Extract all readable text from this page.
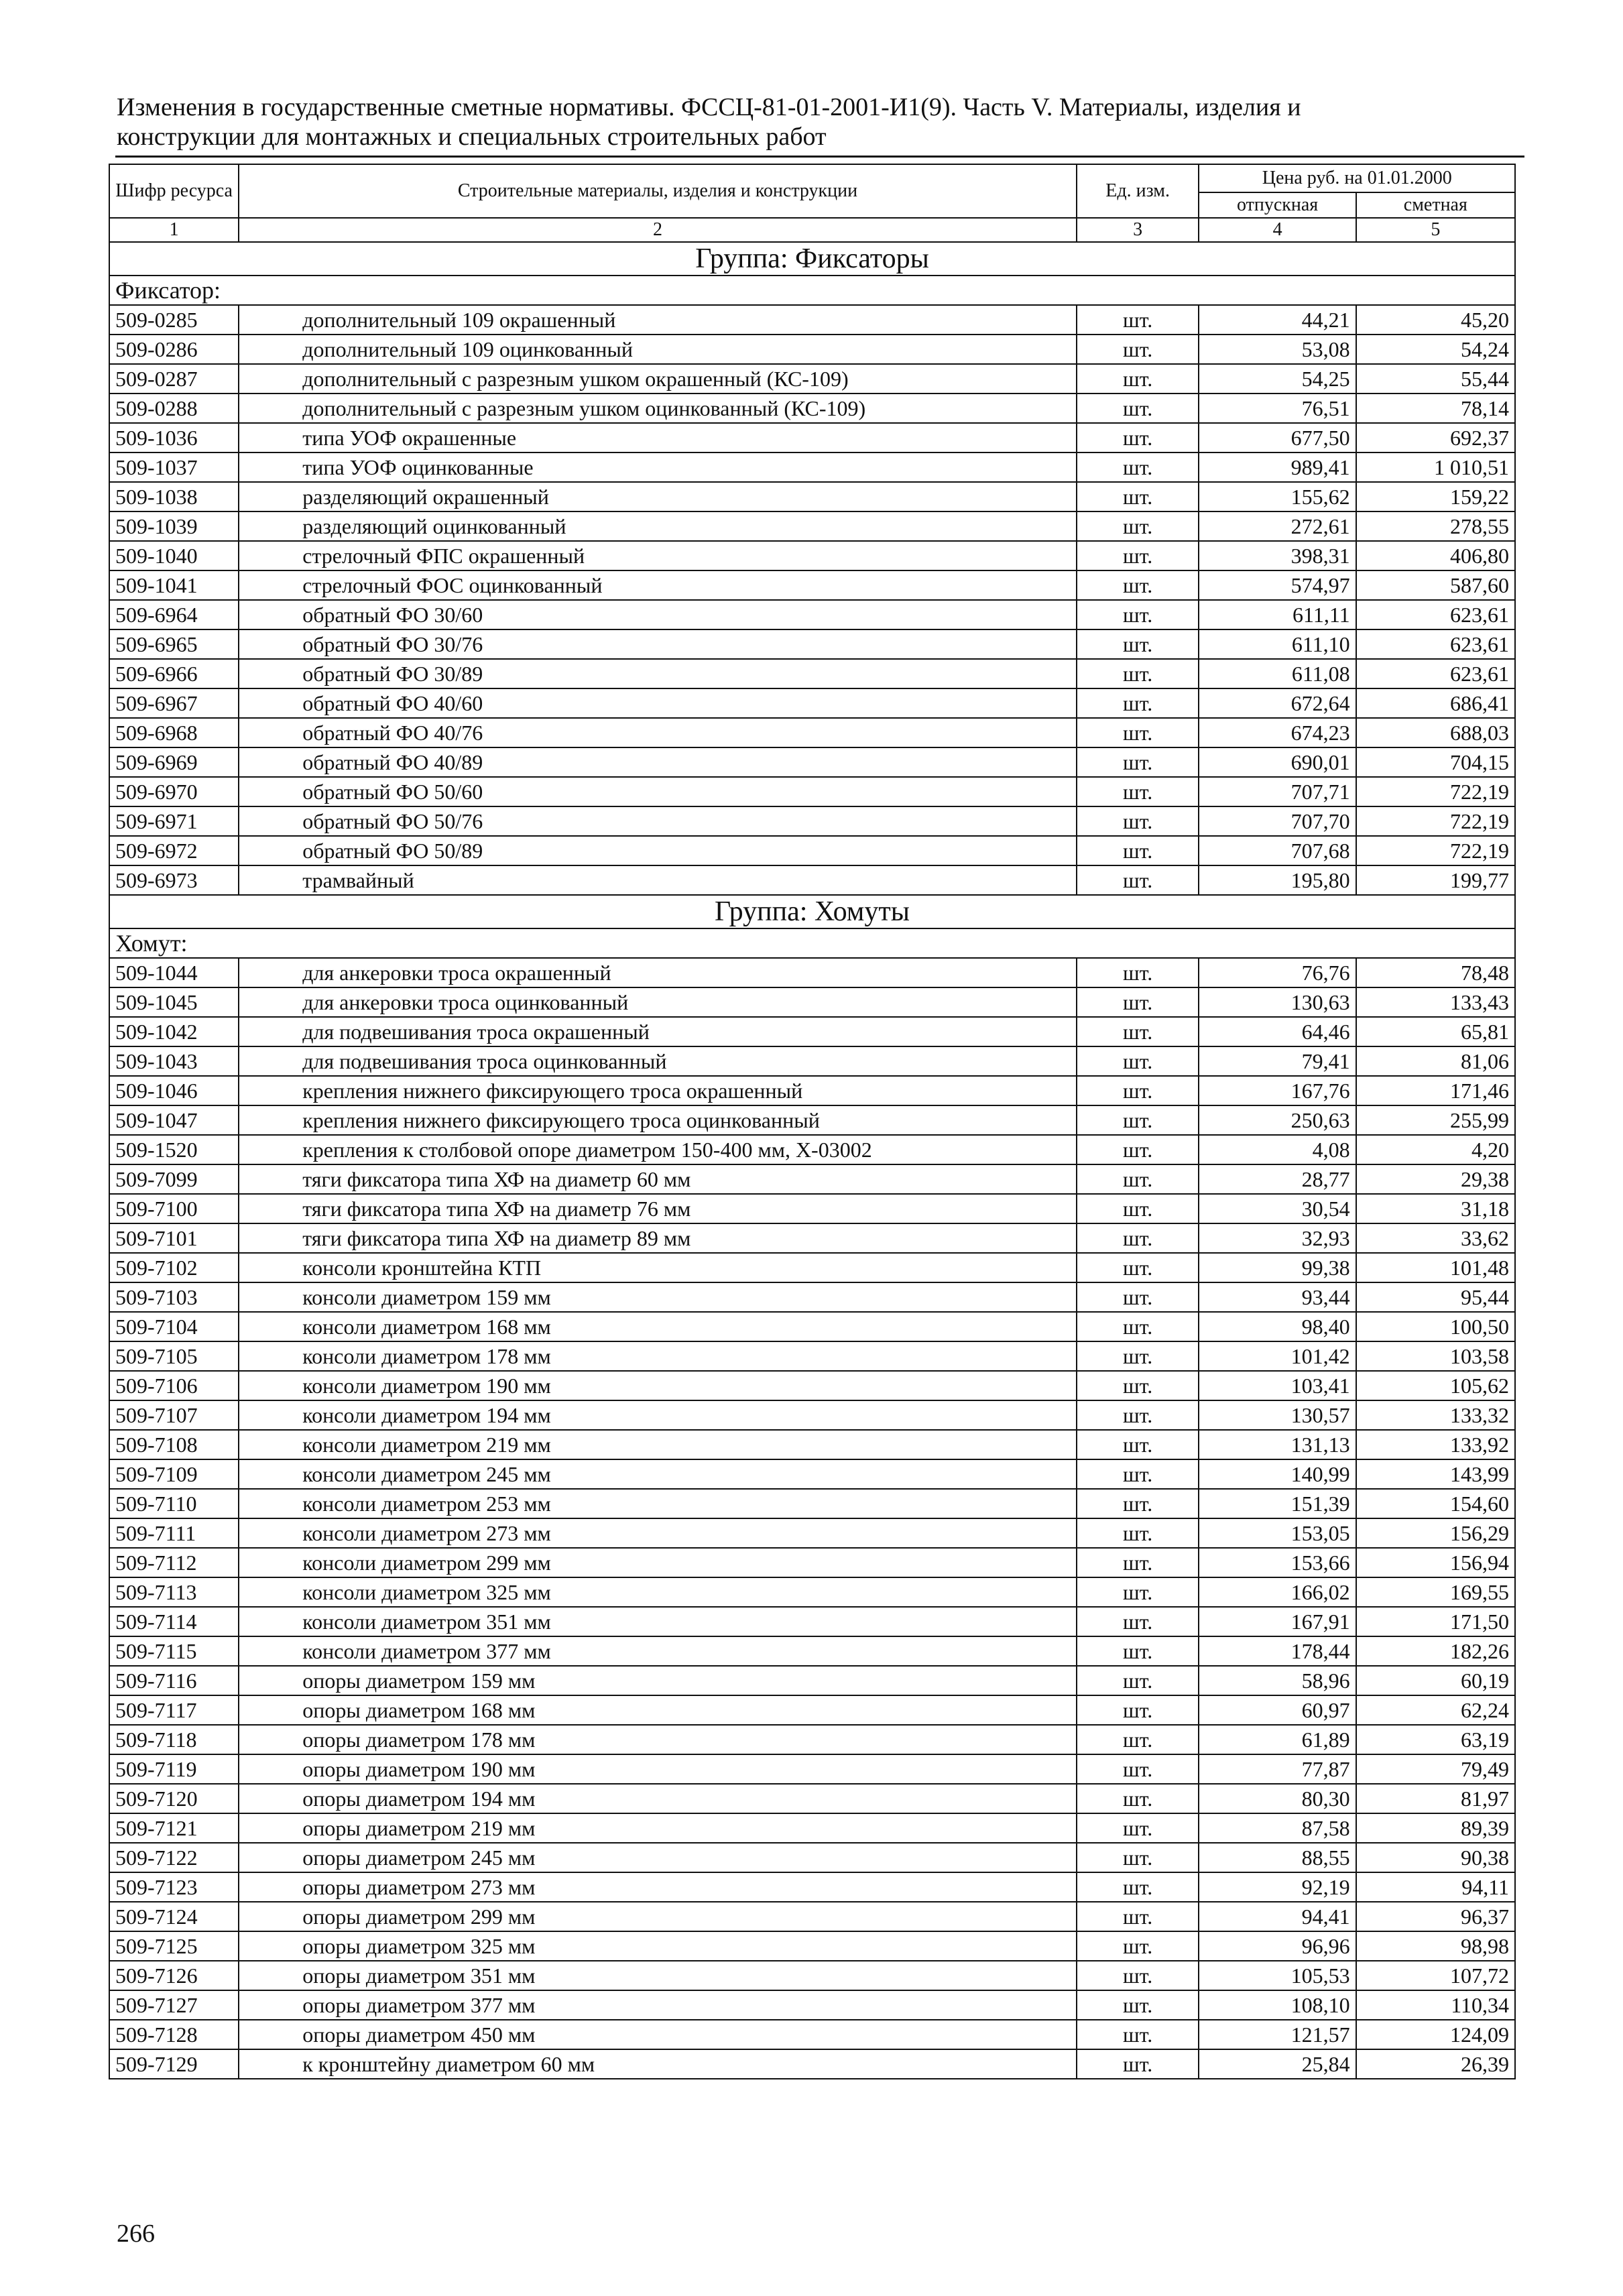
Изменения в государственные сметные нормативы. ФССЦ-81-01-2001-И1(9). Часть V. Материалы, изделия и
конструкции для монтажных и специальных строительных работ
Шифр ресурса	Строительные материалы, изделия и конструкции	Ед. изм.	Цена руб. на 01.01.2000	
			отпускная	сметная
1	2	3	4	5
Группа: Фиксаторы				
Фиксатор:				
509-0285	дополнительный 109 окрашенный	шт.	44,21	45,20
509-0286	дополнительный 109 оцинкованный	шт.	53,08	54,24
509-0287	дополнительный с разрезным ушком окрашенный (КС-109)	шт.	54,25	55,44
509-0288	дополнительный с разрезным ушком оцинкованный (КС-109)	шт.	76,51	78,14
509-1036	типа УОФ окрашенные	шт.	677,50	692,37
509-1037	типа УОФ оцинкованные	шт.	989,41	1 010,51
509-1038	разделяющий окрашенный	шт.	155,62	159,22
509-1039	разделяющий оцинкованный	шт.	272,61	278,55
509-1040	стрелочный ФПС окрашенный	шт.	398,31	406,80
509-1041	стрелочный ФОС оцинкованный	шт.	574,97	587,60
509-6964	обратный ФО 30/60	шт.	611,11	623,61
509-6965	обратный ФО 30/76	шт.	611,10	623,61
509-6966	обратный ФО 30/89	шт.	611,08	623,61
509-6967	обратный ФО 40/60	шт.	672,64	686,41
509-6968	обратный ФО 40/76	шт.	674,23	688,03
509-6969	обратный ФО 40/89	шт.	690,01	704,15
509-6970	обратный ФО 50/60	шт.	707,71	722,19
509-6971	обратный ФО 50/76	шт.	707,70	722,19
509-6972	обратный ФО 50/89	шт.	707,68	722,19
509-6973	трамвайный	шт.	195,80	199,77
Группа: Хомуты				
Хомут:				
509-1044	для анкеровки троса окрашенный	шт.	76,76	78,48
509-1045	для анкеровки троса оцинкованный	шт.	130,63	133,43
509-1042	для подвешивания троса окрашенный	шт.	64,46	65,81
509-1043	для подвешивания троса оцинкованный	шт.	79,41	81,06
509-1046	крепления нижнего фиксирующего троса окрашенный	шт.	167,76	171,46
509-1047	крепления нижнего фиксирующего троса оцинкованный	шт.	250,63	255,99
509-1520	крепления к столбовой опоре диаметром 150-400 мм, Х-03002	шт.	4,08	4,20
509-7099	тяги фиксатора типа ХФ на диаметр 60 мм	шт.	28,77	29,38
509-7100	тяги фиксатора типа ХФ на диаметр 76 мм	шт.	30,54	31,18
509-7101	тяги фиксатора типа ХФ на диаметр 89 мм	шт.	32,93	33,62
509-7102	консоли кронштейна КТП	шт.	99,38	101,48
509-7103	консоли диаметром 159 мм	шт.	93,44	95,44
509-7104	консоли диаметром 168 мм	шт.	98,40	100,50
509-7105	консоли диаметром 178 мм	шт.	101,42	103,58
509-7106	консоли диаметром 190 мм	шт.	103,41	105,62
509-7107	консоли диаметром 194 мм	шт.	130,57	133,32
509-7108	консоли диаметром 219 мм	шт.	131,13	133,92
509-7109	консоли диаметром 245 мм	шт.	140,99	143,99
509-7110	консоли диаметром 253 мм	шт.	151,39	154,60
509-7111	консоли диаметром 273 мм	шт.	153,05	156,29
509-7112	консоли диаметром 299 мм	шт.	153,66	156,94
509-7113	консоли диаметром 325 мм	шт.	166,02	169,55
509-7114	консоли диаметром 351 мм	шт.	167,91	171,50
509-7115	консоли диаметром 377 мм	шт.	178,44	182,26
509-7116	опоры диаметром 159 мм	шт.	58,96	60,19
509-7117	опоры диаметром 168 мм	шт.	60,97	62,24
509-7118	опоры диаметром 178 мм	шт.	61,89	63,19
509-7119	опоры диаметром 190 мм	шт.	77,87	79,49
509-7120	опоры диаметром 194 мм	шт.	80,30	81,97
509-7121	опоры диаметром 219 мм	шт.	87,58	89,39
509-7122	опоры диаметром 245 мм	шт.	88,55	90,38
509-7123	опоры диаметром 273 мм	шт.	92,19	94,11
509-7124	опоры диаметром 299 мм	шт.	94,41	96,37
509-7125	опоры диаметром 325 мм	шт.	96,96	98,98
509-7126	опоры диаметром 351 мм	шт.	105,53	107,72
509-7127	опоры диаметром 377 мм	шт.	108,10	110,34
509-7128	опоры диаметром 450 мм	шт.	121,57	124,09
509-7129	к кронштейну диаметром 60 мм	шт.	25,84	26,39
266
